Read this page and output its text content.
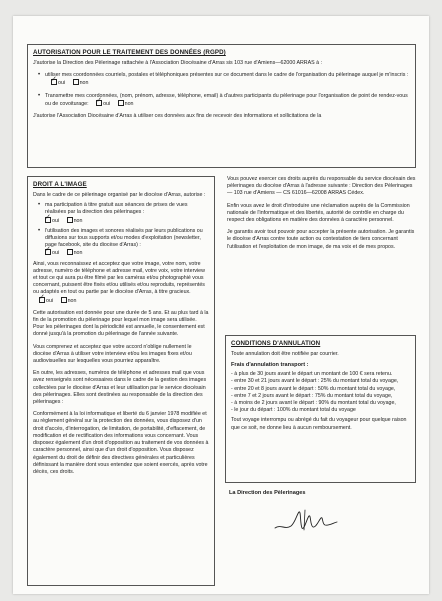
AUTORISATION POUR LE TRAITEMENT DES DONNÉES (RGPD)

J'autorise la Direction des Pèlerinage rattachée à l'Association Diocésaine d'Arras sis 103 rue d'Amiens—62000 ARRAS à :

• utiliser mes coordonnées courriels, postales et téléphoniques présentes sur ce document dans le cadre de l'organisation du pèlerinage auquel je m'inscris : ✓oui	non

• Transmettre mes coordonnées, (nom, prénom, adresse, téléphone, email) à d'autres participants du pèlerinage pour l'organisation de point de rendez-vous ou de covoiturage: ✓	oui	non

J'autorise l'Association Diocésaine d'Arras à utiliser ces données aux fins de recevoir des informations et sollicitations de la

DROIT A L'IMAGE

Dans le cadre de ce pèlerinage organisé par le diocèse d'Arras, autorise :

• ma participation à titre gratuit aux séances de prises de vues réalisées par la direction des pèlerinages :
✓oui	non

• l'utilisation des images et sonores réalisés par leurs publications ou diffusions sur tous supports et/ou modes d'exploitation (newsletter, page facebook, site du diocèse d'Arras) :
✓oui	non

Ainsi, vous reconnaissez et acceptez que votre image, votre nom, votre adresse, numéro de téléphone et adresse mail, votre voix, votre interview et tout ce qui aura pu être filmé par les caméras et/ou photographié vous concernant, puissent être fixés et/ou utilisés et/ou reproduits, représentés ou adaptés en tout ou partie par le diocèse d'Arras, à titre gracieux. ✓oui	non

Cette autorisation est donnée pour une durée de 5 ans. Et au plus tard à la fin de la promotion du pèlerinage pour lequel mon image sera utilisée. Pour les pèlerinages dont la périodicité est annuelle, le consentement est donné jusqu'à la promotion du pèlerinage de l'année suivante.

Vous comprenez et acceptez que votre accord n'oblige nullement le diocèse d'Arras à utiliser votre interview et/ou les images fixes et/ou audiovisuelles sur lesquelles vous pourriez apparaître.

En outre, les adresses, numéros de téléphone et adresses mail que vous avez renseignés sont nécessaires dans le cadre de la gestion des images collectées par le diocèse d'Arras et leur utilisation par le service diocésain des pèlerinages. Elles sont destinées au responsable de la direction des pèlerinages :

Conformément à la loi informatique et liberté du 6 janvier 1978 modifiée et au règlement général sur la protection des données, vous disposez d'un droit d'accès, d'interrogation, de limitation, de portabilité, d'effacement, de modification et de rectification des informations vous concernant. Vous disposez également d'un droit d'opposition au traitement de vos données à caractère personnel, ainsi que d'un droit d'opposition. Vous disposez également du droit de définir des directives générales et particulières définissant la manière dont vous entendez que soient exercés, après votre décès, ces droits.

Vous pouvez exercer ces droits auprès du responsable du service diocésain des pèlerinages du diocèse d'Arras à l'adresse suivante : Direction des Pèlerinages — 103 rue d'Amiens — CS 61016—62008 ARRAS Cédex.

Enfin vous avez le droit d'introduire une réclamation auprès de la Commission nationale de l'informatique et des libertés, autorité de contrôle en charge du respect des obligations en matière des données à caractère personnel.

Je garantis avoir tout pouvoir pour accepter la présente autorisation. Je garantis le diocèse d'Arras contre toute action ou contestation de tiers concernant l'utilisation et l'exploitation de mon image, de ma voix et de mes propos.

CONDITIONS D'ANNULATION

Toute annulation doit être notifiée par courrier.

Frais d'annulation transport :

- à plus de 30 jours avant le départ un montant de 100 € sera retenu.

- entre 30 et 21 jours avant le départ : 25% du montant total du voyage,

- entre 20 et 8 jours avant le départ : 50% du montant total du voyage,

- entre 7 et 2 jours avant le départ : 75% du montant total du voyage,

- à moins de 2 jours avant le départ : 90% du montant total du voyage,

- le jour du départ : 100% du montant total du voyage

Tout voyage interrompu ou abrégé du fait du voyageur pour quelque raison que ce soit, ne donne lieu à aucun remboursement.

La Direction des Pèlerinages
